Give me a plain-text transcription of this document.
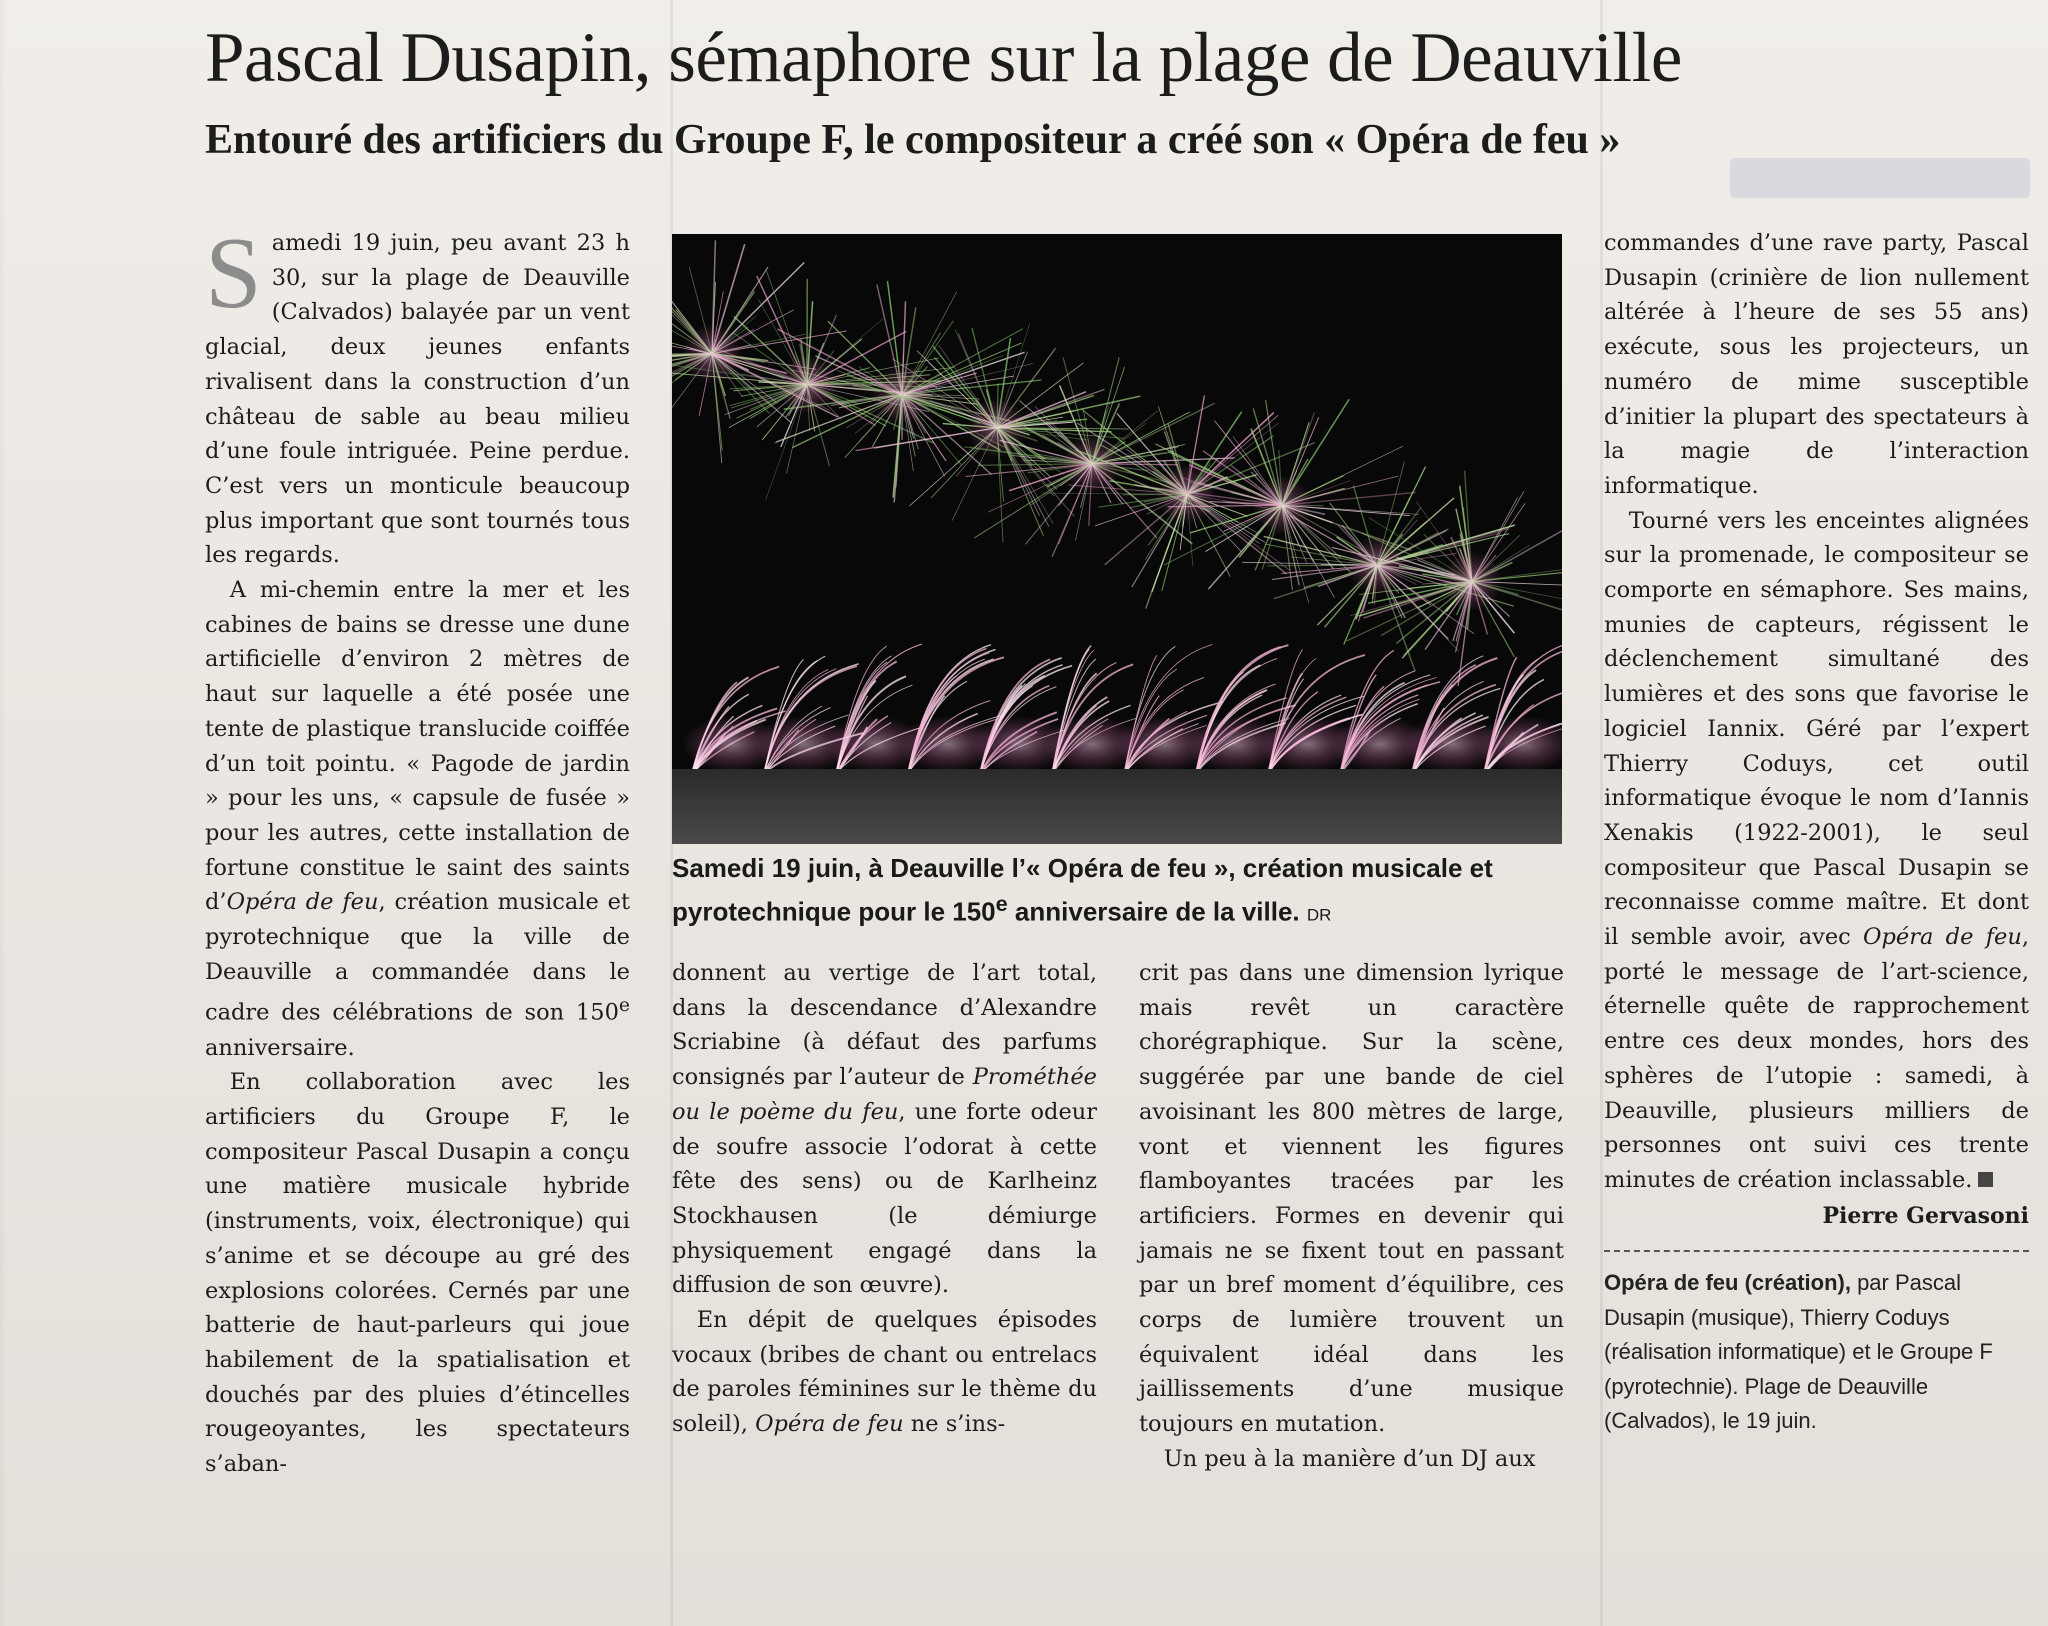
Pascal Dusapin, sémaphore sur la plage de Deauville
Entouré des artificiers du Groupe F, le compositeur a créé son « Opéra de feu »

Samedi 19 juin, peu avant 23 h 30, sur la plage de Deauville (Calvados) balayée par un vent glacial, deux jeunes enfants rivalisent dans la construction d’un château de sable au beau milieu d’une foule intriguée. Peine perdue. C’est vers un monticule beaucoup plus important que sont tournés tous les regards.

A mi-chemin entre la mer et les cabines de bains se dresse une dune artificielle d’environ 2 mètres de haut sur laquelle a été posée une tente de plastique translucide coiffée d’un toit pointu. « Pagode de jardin » pour les uns, « capsule de fusée » pour les autres, cette installation de fortune constitue le saint des saints d’Opéra de feu, création musicale et pyrotechnique que la ville de Deauville a commandée dans le cadre des célébrations de son 150e anniversaire.

En collaboration avec les artificiers du Groupe F, le compositeur Pascal Dusapin a conçu une matière musicale hybride (instruments, voix, électronique) qui s’anime et se découpe au gré des explosions colorées. Cernés par une batterie de haut-parleurs qui joue habilement de la spatialisation et douchés par des pluies d’étincelles rougeoyantes, les spectateurs s’aban-

Samedi 19 juin, à Deauville l’« Opéra de feu », création musicale et pyrotechnique pour le 150e anniversaire de la ville. DR

donnent au vertige de l’art total, dans la descendance d’Alexandre Scriabine (à défaut des parfums consignés par l’auteur de Prométhée ou le poème du feu, une forte odeur de soufre associe l’odorat à cette fête des sens) ou de Karlheinz Stockhausen (le démiurge physiquement engagé dans la diffusion de son œuvre).

En dépit de quelques épisodes vocaux (bribes de chant ou entrelacs de paroles féminines sur le thème du soleil), Opéra de feu ne s’ins-

crit pas dans une dimension lyrique mais revêt un caractère chorégraphique. Sur la scène, suggérée par une bande de ciel avoisinant les 800 mètres de large, vont et viennent les figures flamboyantes tracées par les artificiers. Formes en devenir qui jamais ne se fixent tout en passant par un bref moment d’équilibre, ces corps de lumière trouvent un équivalent idéal dans les jaillissements d’une musique toujours en mutation.

Un peu à la manière d’un DJ aux

commandes d’une rave party, Pascal Dusapin (crinière de lion nullement altérée à l’heure de ses 55 ans) exécute, sous les projecteurs, un numéro de mime susceptible d’initier la plupart des spectateurs à la magie de l’interaction informatique.

Tourné vers les enceintes alignées sur la promenade, le compositeur se comporte en sémaphore. Ses mains, munies de capteurs, régissent le déclenchement simultané des lumières et des sons que favorise le logiciel Iannix. Géré par l’expert Thierry Coduys, cet outil informatique évoque le nom d’Iannis Xenakis (1922-2001), le seul compositeur que Pascal Dusapin se reconnaisse comme maître. Et dont il semble avoir, avec Opéra de feu, porté le message de l’art-science, éternelle quête de rapprochement entre ces deux mondes, hors des sphères de l’utopie : samedi, à Deauville, plusieurs milliers de personnes ont suivi ces trente minutes de création inclassable.

Pierre Gervasoni
Opéra de feu (création), par Pascal Dusapin (musique), Thierry Coduys (réalisation informatique) et le Groupe F (pyrotechnie). Plage de Deauville (Calvados), le 19 juin.
